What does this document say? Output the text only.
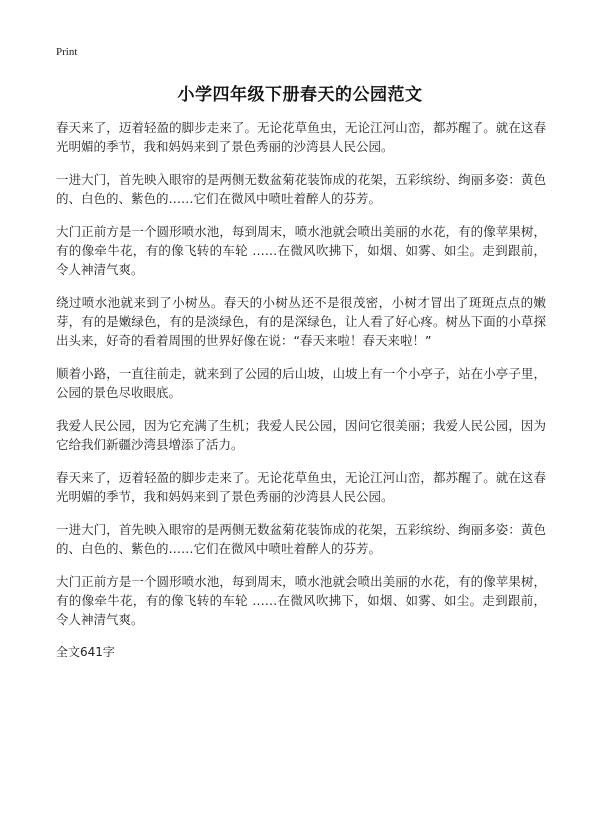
Print
小学四年级下册春天的公园范文

春天来了，迈着轻盈的脚步走来了。无论花草鱼虫，无论江河山峦，都苏醒了。就在这春光明媚的季节，我和妈妈来到了景色秀丽的沙湾县人民公园。

一进大门，首先映入眼帘的是两侧无数盆菊花装饰成的花架，五彩缤纷、绚丽多姿：黄色的、白色的、紫色的……它们在微风中喷吐着醉人的芬芳。

大门正前方是一个圆形喷水池，每到周末，喷水池就会喷出美丽的水花，有的像苹果树，有的像牵牛花，有的像飞转的车轮 ……在微风吹拂下，如烟、如雾、如尘。走到跟前，令人神清气爽。

绕过喷水池就来到了小树丛。春天的小树丛还不是很茂密，小树才冒出了斑斑点点的嫩芽，有的是嫩绿色，有的是淡绿色，有的是深绿色，让人看了好心疼。树丛下面的小草探出头来，好奇的看着周围的世界好像在说：“春天来啦！春天来啦！”

顺着小路，一直往前走，就来到了公园的后山坡，山坡上有一个小亭子，站在小亭子里，公园的景色尽收眼底。

我爱人民公园，因为它充满了生机；我爱人民公园，因问它很美丽；我爱人民公园，因为它给我们新疆沙湾县增添了活力。

春天来了，迈着轻盈的脚步走来了。无论花草鱼虫，无论江河山峦，都苏醒了。就在这春光明媚的季节，我和妈妈来到了景色秀丽的沙湾县人民公园。

一进大门，首先映入眼帘的是两侧无数盆菊花装饰成的花架，五彩缤纷、绚丽多姿：黄色的、白色的、紫色的……它们在微风中喷吐着醉人的芬芳。

大门正前方是一个圆形喷水池，每到周末，喷水池就会喷出美丽的水花，有的像苹果树，有的像牵牛花，有的像飞转的车轮 ……在微风吹拂下，如烟、如雾、如尘。走到跟前，令人神清气爽。

全文641字
